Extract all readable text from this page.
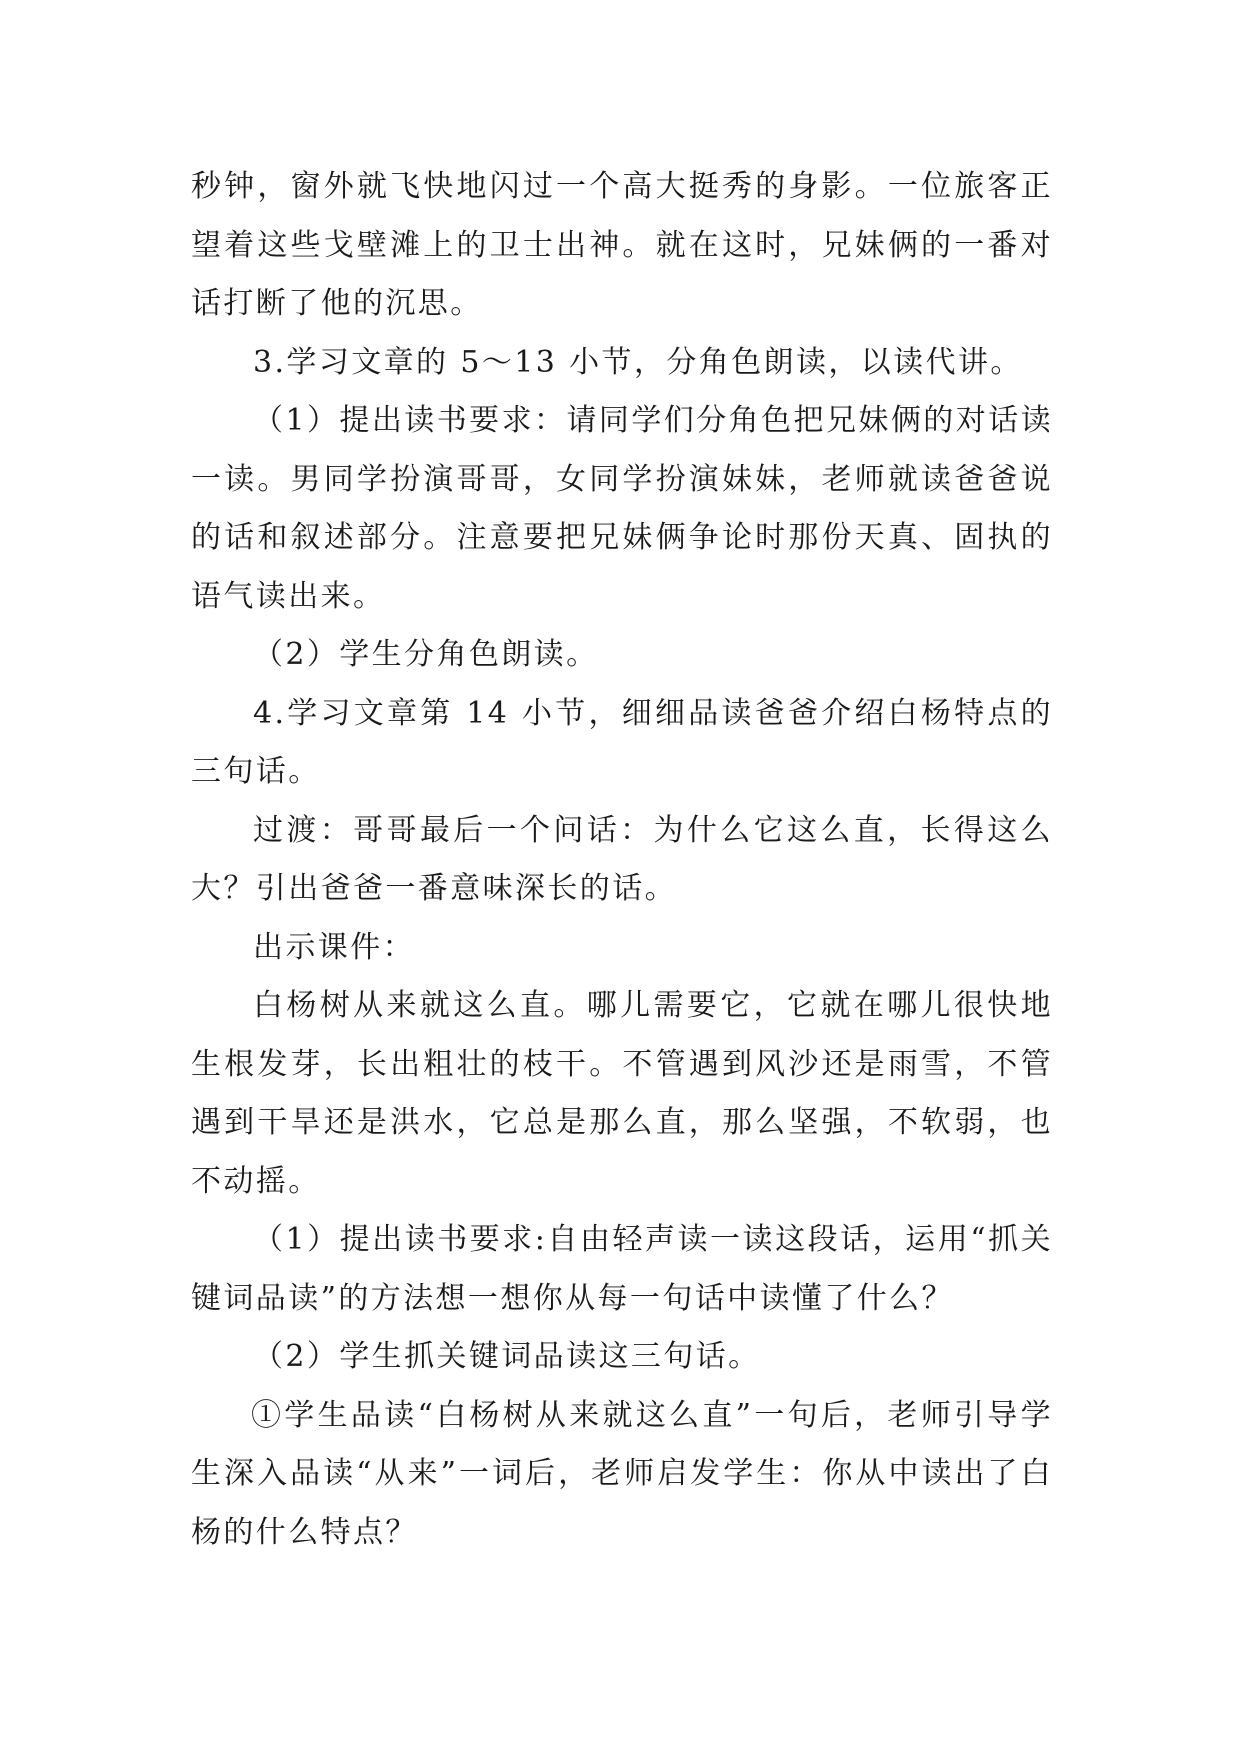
秒钟，窗外就飞快地闪过一个高大挺秀的身影。一位旅客正望着这些戈壁滩上的卫士出神。就在这时，兄妹俩的一番对话打断了他的沉思。

3.学习文章的 5～13 小节，分角色朗读，以读代讲。

（1）提出读书要求：请同学们分角色把兄妹俩的对话读一读。男同学扮演哥哥，女同学扮演妹妹，老师就读爸爸说的话和叙述部分。注意要把兄妹俩争论时那份天真、固执的语气读出来。

（2）学生分角色朗读。

4.学习文章第 14 小节，细细品读爸爸介绍白杨特点的三句话。

过渡：哥哥最后一个问话：为什么它这么直，长得这么大？引出爸爸一番意味深长的话。

出示课件：

白杨树从来就这么直。哪儿需要它，它就在哪儿很快地生根发芽，长出粗壮的枝干。不管遇到风沙还是雨雪，不管遇到干旱还是洪水，它总是那么直，那么坚强，不软弱，也不动摇。

（1）提出读书要求:自由轻声读一读这段话，运用“抓关键词品读”的方法想一想你从每一句话中读懂了什么？

（2）学生抓关键词品读这三句话。

①学生品读“白杨树从来就这么直”一句后，老师引导学生深入品读“从来”一词后，老师启发学生：你从中读出了白杨的什么特点？
